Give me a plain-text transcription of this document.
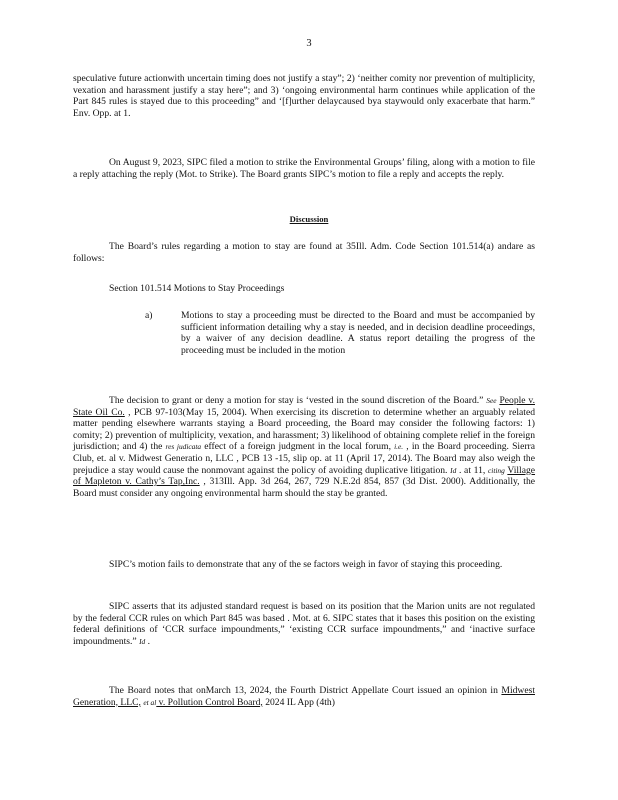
3

speculative future actionwith uncertain timing does not justify a stay”; 2) ‘neither comity nor prevention of multiplicity, vexation and harassment justify a stay here”; and 3) ‘ongoing environmental harm continues while application of the Part 845 rules is stayed due to this proceeding” and ‘[f]urther delaycaused bya staywould only exacerbate that harm.” Env. Opp. at 1.

On August 9, 2023, SIPC filed a motion to strike the Environmental Groups’ filing, along with a motion to file a reply attaching the reply (Mot. to Strike). The Board grants SIPC’s motion to file a reply and accepts the reply.

Discussion

The Board’s rules regarding a motion to stay are found at 35Ill. Adm. Code Section 101.514(a) andare as follows:

Section 101.514 Motions to Stay Proceedings
a)	Motions to stay a proceeding must be directed to the Board and must be accompanied by sufficient information detailing why a stay is needed, and in decision deadline proceedings, by a waiver of any decision deadline. A status report detailing the progress of the proceeding must be included in the motion

The decision to grant or deny a motion for stay is ‘vested in the sound discretion of the Board.” See People v. State Oil Co. , PCB 97-103(May 15, 2004). When exercising its discretion to determine whether an arguably related matter pending elsewhere warrants staying a Board proceeding, the Board may consider the following factors: 1) comity; 2) prevention of multiplicity, vexation, and harassment; 3) likelihood of obtaining complete relief in the foreign jurisdiction; and 4) the res judicata effect of a foreign judgment in the local forum, i.e. , in the Board proceeding. Sierra Club, et. al v. Midwest Generatio n, LLC , PCB 13 -15, slip op. at 11 (April 17, 2014). The Board may also weigh the prejudice a stay would cause the nonmovant against the policy of avoiding duplicative litigation. Id . at 11, citing Village of Mapleton v. Cathy’s Tap,Inc. , 313Ill. App. 3d 264, 267, 729 N.E.2d 854, 857 (3d Dist. 2000). Additionally, the Board must consider any ongoing environmental harm should the stay be granted.

SIPC’s motion fails to demonstrate that any of the se factors weigh in favor of staying this proceeding.

SIPC asserts that its adjusted standard request is based on its position that the Marion units are not regulated by the federal CCR rules on which Part 845 was based . Mot. at 6. SIPC states that it bases this position on the existing federal definitions of ‘CCR surface impoundments,” ‘existing CCR surface impoundments,” and ‘inactive surface impoundments.” Id .

The Board notes that onMarch 13, 2024, the Fourth District Appellate Court issued an opinion in Midwest Generation, LLC, et al v. Pollution Control Board, 2024 IL App (4th)
